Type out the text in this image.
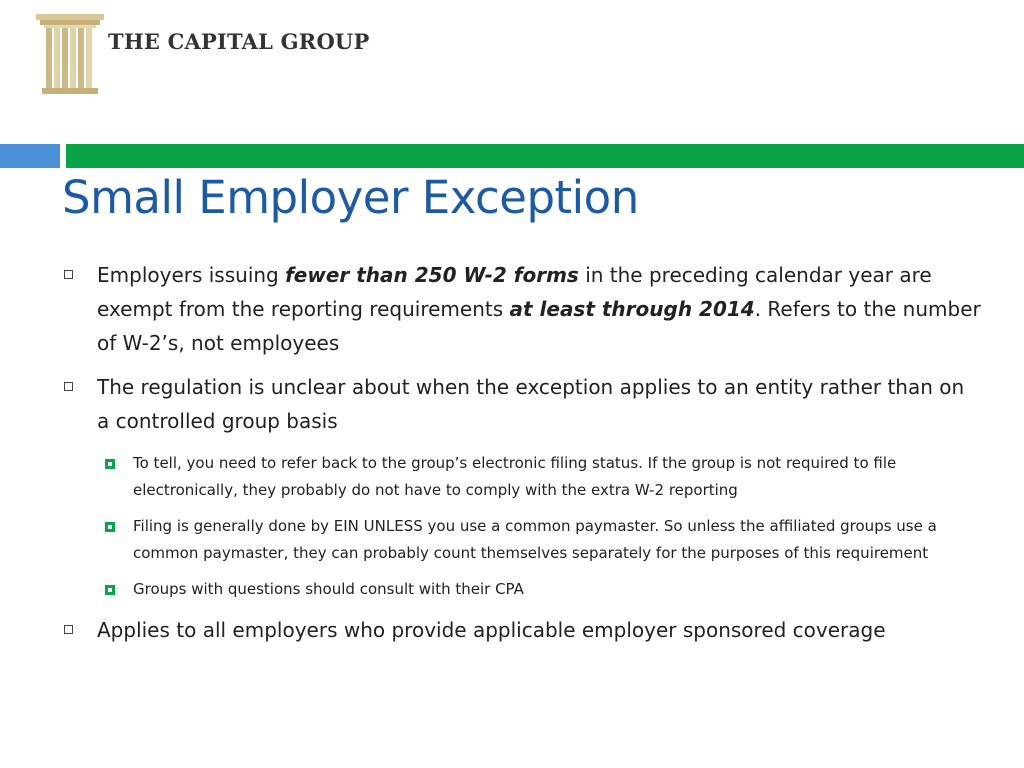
THE CAPITAL GROUP
Small Employer Exception
Employers issuing fewer than 250 W-2 forms in the preceding calendar year are exempt from the reporting requirements at least through 2014. Refers to the number of W-2’s, not employees
The regulation is unclear about when the exception applies to an entity rather than on a controlled group basis
To tell, you need to refer back to the group’s electronic filing status. If the group is not required to file electronically, they probably do not have to comply with the extra W-2 reporting
Filing is generally done by EIN UNLESS you use a common paymaster. So unless the affiliated groups use a common paymaster, they can probably count themselves separately for the purposes of this requirement
Groups with questions should consult with their CPA
Applies to all employers who provide applicable employer sponsored coverage
